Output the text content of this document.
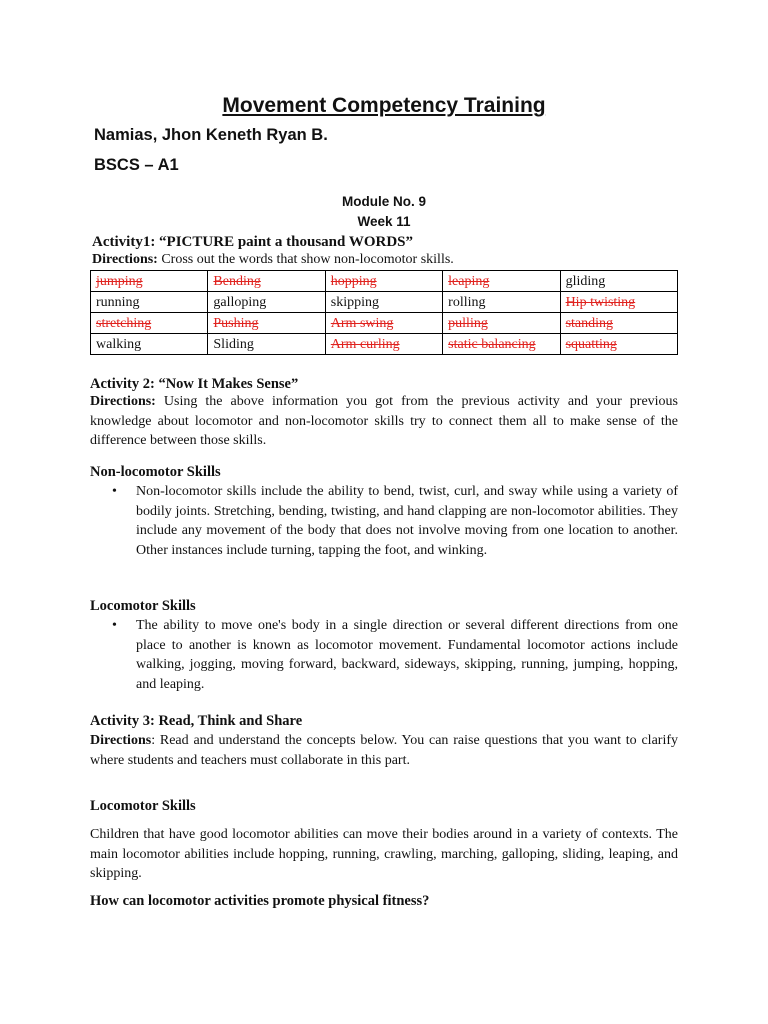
Movement Competency Training
Namias, Jhon Keneth Ryan B.
BSCS – A1
Module No. 9
Week 11
Activity1: “PICTURE paint a thousand WORDS”
Directions: Cross out the words that show non-locomotor skills.
jumping	Bending	hopping	leaping	gliding
running	galloping	skipping	rolling	Hip twisting
stretching	Pushing	Arm swing	pulling	standing
walking	Sliding	Arm curling	static balancing	squatting
Activity 2: “Now It Makes Sense”
Directions: Using the above information you got from the previous activity and your previous knowledge about locomotor and non-locomotor skills try to connect them all to make sense of the difference between those skills.
Non-locomotor Skills
• Non-locomotor skills include the ability to bend, twist, curl, and sway while using a variety of bodily joints. Stretching, bending, twisting, and hand clapping are non-locomotor abilities. They include any movement of the body that does not involve moving from one location to another. Other instances include turning, tapping the foot, and winking.
Locomotor Skills
• The ability to move one's body in a single direction or several different directions from one place to another is known as locomotor movement. Fundamental locomotor actions include walking, jogging, moving forward, backward, sideways, skipping, running, jumping, hopping, and leaping.
Activity 3: Read, Think and Share
Directions: Read and understand the concepts below. You can raise questions that you want to clarify where students and teachers must collaborate in this part.
Locomotor Skills
Children that have good locomotor abilities can move their bodies around in a variety of contexts. The main locomotor abilities include hopping, running, crawling, marching, galloping, sliding, leaping, and skipping.
How can locomotor activities promote physical fitness?
